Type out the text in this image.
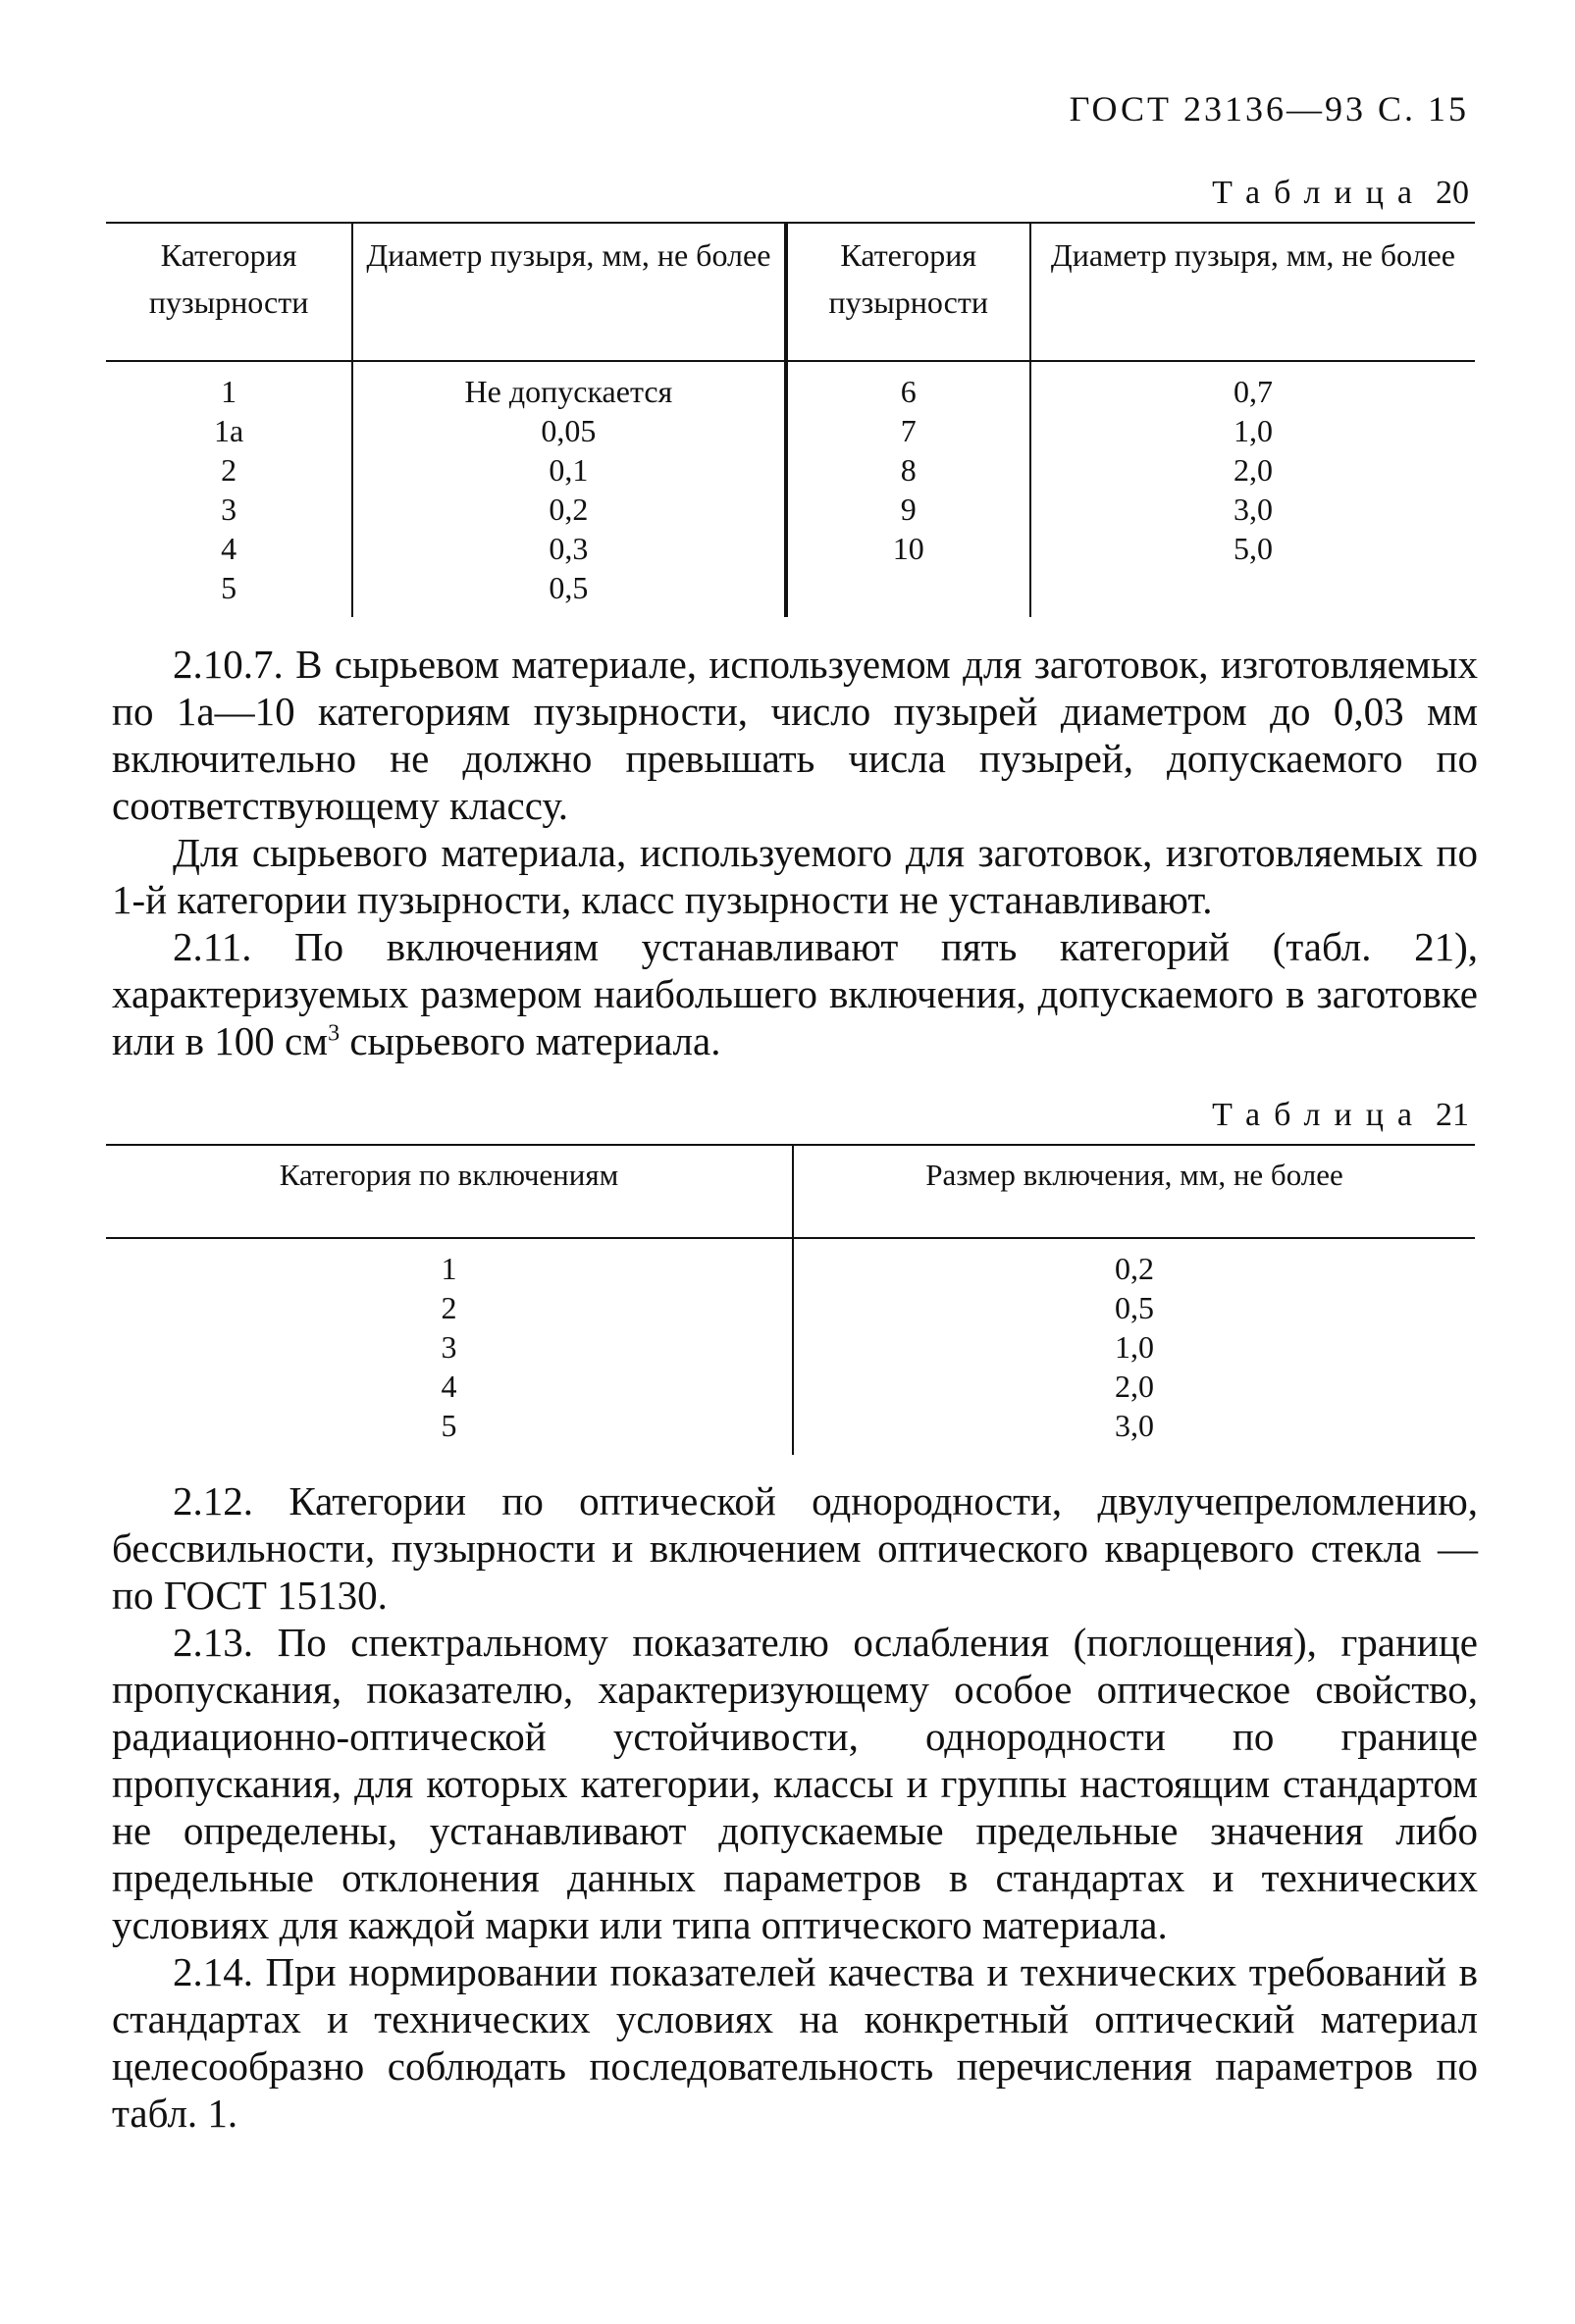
ГОСТ 23136—93 С. 15
Таблица 20
Категория пузырности	Диаметр пузыря, мм, не более	Категория пузырности	Диаметр пузыря, мм, не более
1	Не допускается	6	0,7
1а	0,05	7	1,0
2	0,1	8	2,0
3	0,2	9	3,0
4	0,3	10	5,0
5	0,5		

2.10.7. В сырьевом материале, используемом для заготовок, изготовляемых по 1а—10 категориям пузырности, число пузырей диаметром до 0,03 мм включительно не должно превышать числа пузырей, допускаемого по соответствующему классу.

Для сырьевого материала, используемого для заготовок, изготовляемых по 1-й категории пузырности, класс пузырности не устанавливают.

2.11. По включениям устанавливают пять категорий (табл. 21), характеризуемых размером наибольшего включения, допускаемого в заготовке или в 100 $см^3$ сырьевого материала.

Таблица 21
Категория по включениям	Размер включения, мм, не более
1	0,2
2	0,5
3	1,0
4	2,0
5	3,0

2.12. Категории по оптической однородности, двулучепреломлению, бессвильности, пузырности и включением оптического кварцевого стекла — по ГОСТ 15130.

2.13. По спектральному показателю ослабления (поглощения), границе пропускания, показателю, характеризующему особое оптическое свойство, радиационно-оптической устойчивости, однородности по границе пропускания, для которых категории, классы и группы настоящим стандартом не определены, устанавливают допускаемые предельные значения либо предельные отклонения данных параметров в стандартах и технических условиях для каждой марки или типа оптического материала.

2.14. При нормировании показателей качества и технических требований в стандартах и технических условиях на конкретный оптический материал целесообразно соблюдать последовательность перечисления параметров по табл. 1.
